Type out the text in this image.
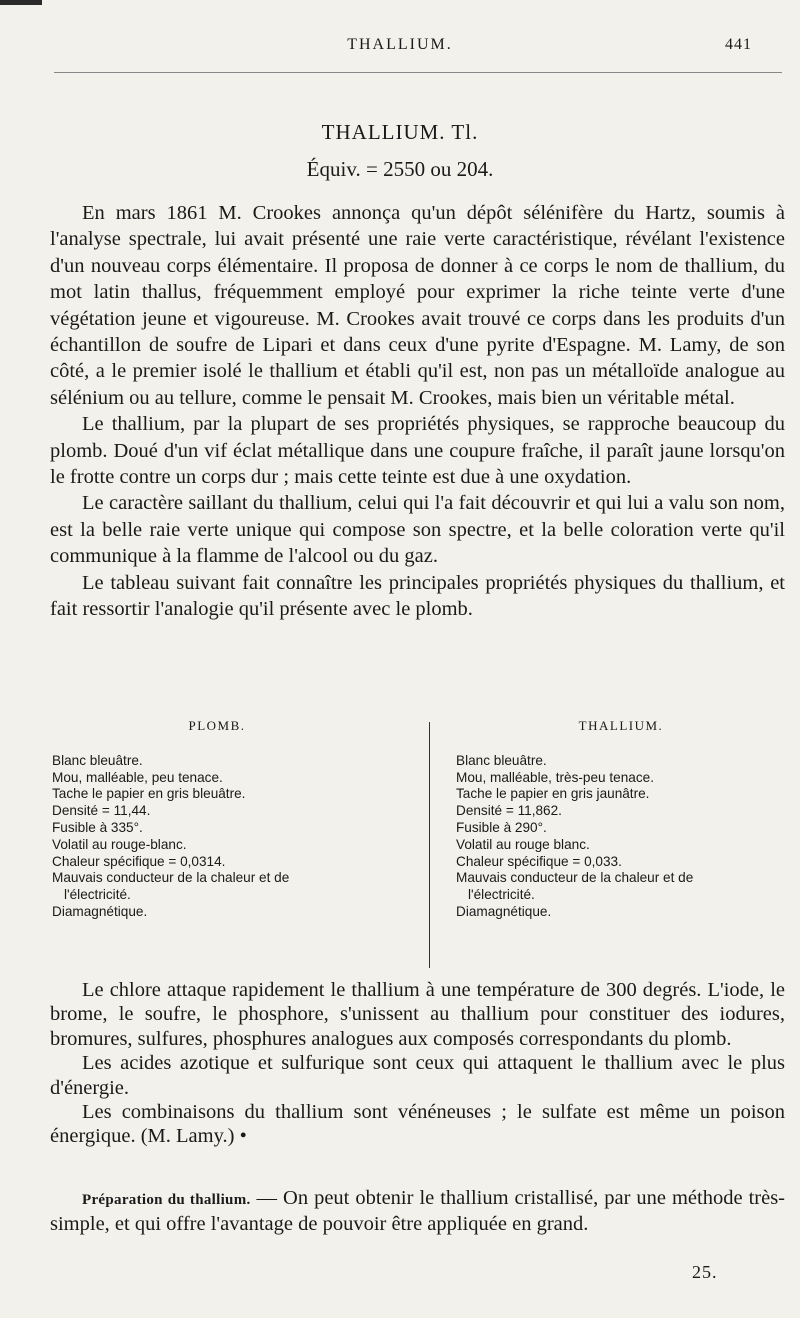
THALLIUM.	441
THALLIUM. Tl.
Équiv. = 2550 ou 204.

En mars 1861 M. Crookes annonça qu'un dépôt sélénifère du Hartz, soumis à l'analyse spectrale, lui avait présenté une raie verte caractéristique, révélant l'existence d'un nouveau corps élémentaire. Il proposa de donner à ce corps le nom de thallium, du mot latin thallus, fréquemment employé pour exprimer la riche teinte verte d'une végétation jeune et vigoureuse. M. Crookes avait trouvé ce corps dans les produits d'un échantillon de soufre de Lipari et dans ceux d'une pyrite d'Espagne. M. Lamy, de son côté, a le premier isolé le thallium et établi qu'il est, non pas un métalloïde analogue au sélénium ou au tellure, comme le pensait M. Crookes, mais bien un véritable métal.

Le thallium, par la plupart de ses propriétés physiques, se rapproche beaucoup du plomb. Doué d'un vif éclat métallique dans une coupure fraîche, il paraît jaune lorsqu'on le frotte contre un corps dur ; mais cette teinte est due à une oxydation.

Le caractère saillant du thallium, celui qui l'a fait découvrir et qui lui a valu son nom, est la belle raie verte unique qui compose son spectre, et la belle coloration verte qu'il communique à la flamme de l'alcool ou du gaz.

Le tableau suivant fait connaître les principales propriétés physiques du thallium, et fait ressortir l'analogie qu'il présente avec le plomb.

PLOMB.
Blanc bleuâtre.
Mou, malléable, peu tenace.
Tache le papier en gris bleuâtre.
Densité = 11,44.
Fusible à 335°.
Volatil au rouge-blanc.
Chaleur spécifique = 0,0314.
Mauvais conducteur de la chaleur et de
l'électricité.
Diamagnétique.
THALLIUM.
Blanc bleuâtre.
Mou, malléable, très-peu tenace.
Tache le papier en gris jaunâtre.
Densité = 11,862.
Fusible à 290°.
Volatil au rouge blanc.
Chaleur spécifique = 0,033.
Mauvais conducteur de la chaleur et de
l'électricité.
Diamagnétique.

Le chlore attaque rapidement le thallium à une température de 300 degrés. L'iode, le brome, le soufre, le phosphore, s'unissent au thallium pour constituer des iodures, bromures, sulfures, phosphures analogues aux composés correspondants du plomb.

Les acides azotique et sulfurique sont ceux qui attaquent le thallium avec le plus d'énergie.

Les combinaisons du thallium sont vénéneuses ; le sulfate est même un poison énergique. (M. Lamy.) •

Préparation du thallium. — On peut obtenir le thallium cristallisé, par une méthode très-simple, et qui offre l'avantage de pouvoir être appliquée en grand.
25.
